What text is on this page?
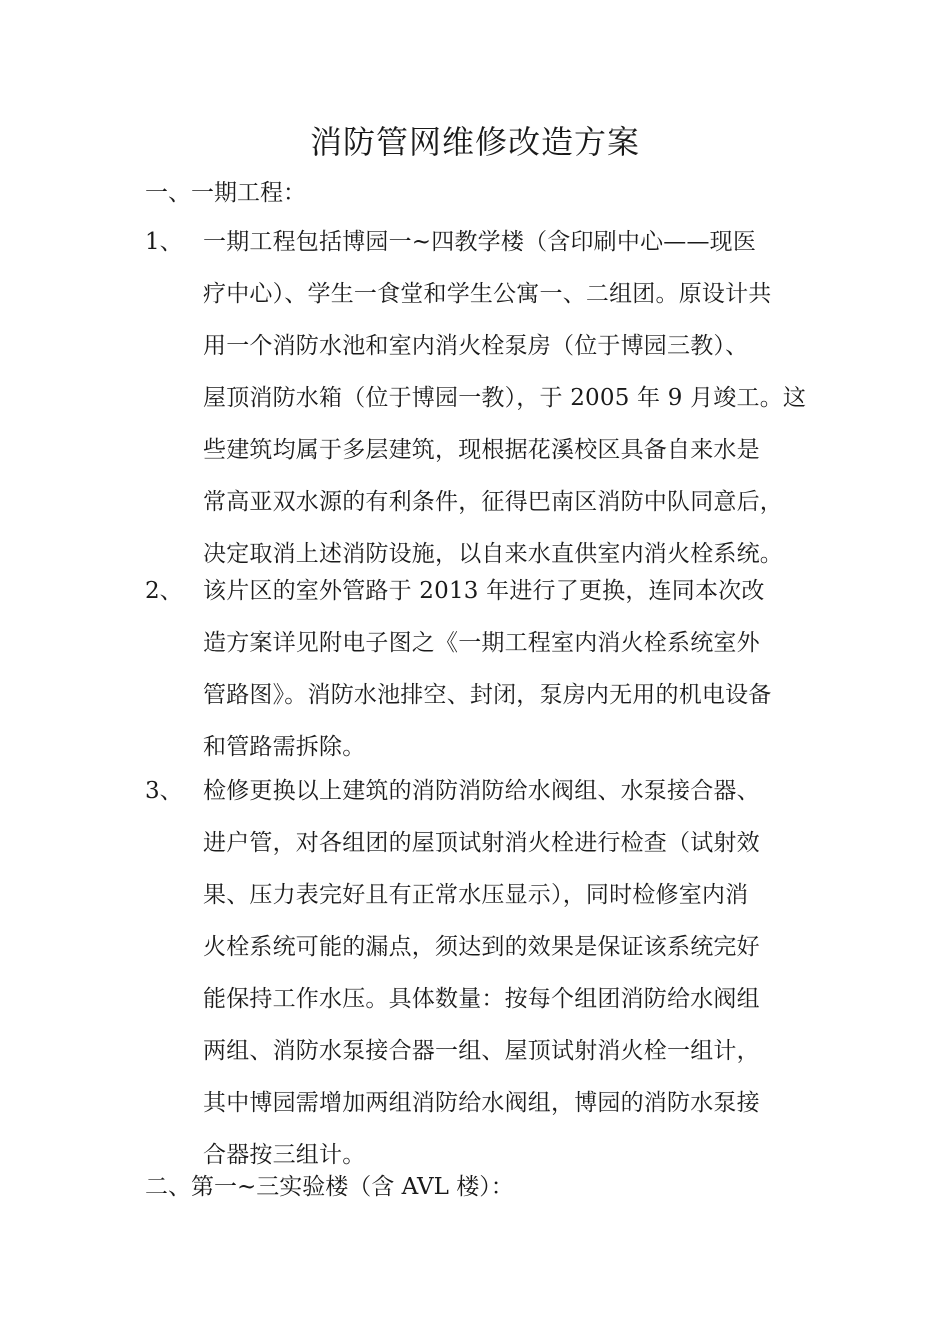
消防管网维修改造方案
一、一期工程：
1、 一期工程包括博园一~四教学楼（含印刷中心——现医
疗中心）、学生一食堂和学生公寓一、二组团。原设计共
用一个消防水池和室内消火栓泵房（位于博园三教）、
屋顶消防水箱（位于博园一教），于 2005 年 9 月竣工。这
些建筑均属于多层建筑，现根据花溪校区具备自来水是
常高亚双水源的有利条件，征得巴南区消防中队同意后，
决定取消上述消防设施，以自来水直供室内消火栓系统。
2、 该片区的室外管路于 2013 年进行了更换，连同本次改
造方案详见附电子图之《一期工程室内消火栓系统室外
管路图》。消防水池排空、封闭，泵房内无用的机电设备
和管路需拆除。
3、 检修更换以上建筑的消防消防给水阀组、水泵接合器、
进户管，对各组团的屋顶试射消火栓进行检查（试射效
果、压力表完好且有正常水压显示），同时检修室内消
火栓系统可能的漏点，须达到的效果是保证该系统完好
能保持工作水压。具体数量：按每个组团消防给水阀组
两组、消防水泵接合器一组、屋顶试射消火栓一组计，
其中博园需增加两组消防给水阀组，博园的消防水泵接
合器按三组计。
二、第一~三实验楼（含 AVL 楼）：
